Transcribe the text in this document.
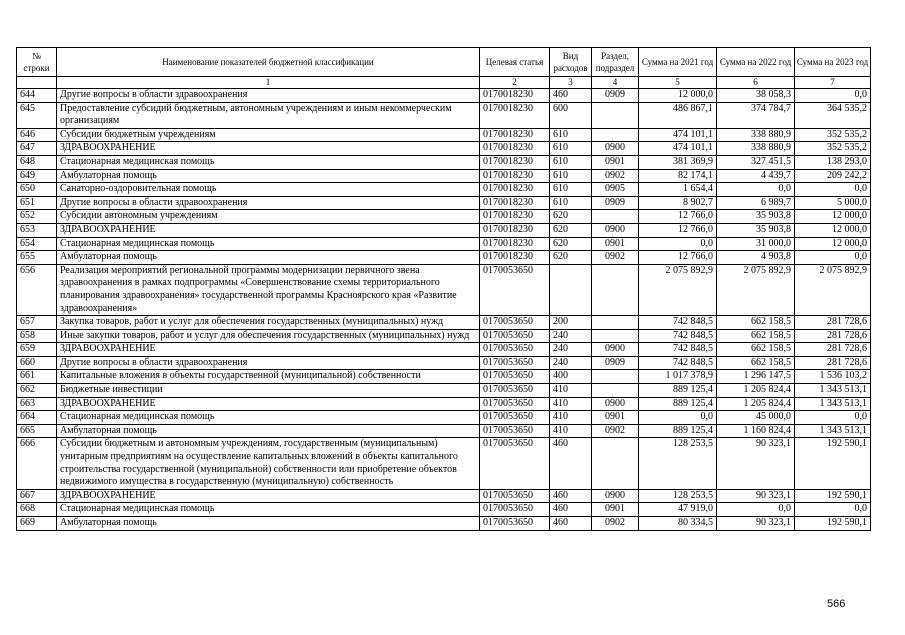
№ строки	Наименование показателей бюджетной классификации	Целевая статья	Вид расходов	Раздел, подраздел	Сумма на 2021 год	Сумма на 2022 год	Сумма на 2023 год
	1	2	3	4	5	6	7
644	Другие вопросы в области здравоохранения	0170018230	460	0909	12 000,0	38 058,3	0,0
645	Предоставление субсидий бюджетным, автономным учреждениям и иным некоммерческим организациям	0170018230	600		486 867,1	374 784,7	364 535,2
646	Субсидии бюджетным учреждениям	0170018230	610		474 101,1	338 880,9	352 535,2
647	ЗДРАВООХРАНЕНИЕ	0170018230	610	0900	474 101,1	338 880,9	352 535,2
648	Стационарная медицинская помощь	0170018230	610	0901	381 369,9	327 451,5	138 293,0
649	Амбулаторная помощь	0170018230	610	0902	82 174,1	4 439,7	209 242,2
650	Санаторно-оздоровительная помощь	0170018230	610	0905	1 654,4	0,0	0,0
651	Другие вопросы в области здравоохранения	0170018230	610	0909	8 902,7	6 989,7	5 000,0
652	Субсидии автономным учреждениям	0170018230	620		12 766,0	35 903,8	12 000,0
653	ЗДРАВООХРАНЕНИЕ	0170018230	620	0900	12 766,0	35 903,8	12 000,0
654	Стационарная медицинская помощь	0170018230	620	0901	0,0	31 000,0	12 000,0
655	Амбулаторная помощь	0170018230	620	0902	12 766,0	4 903,8	0,0
656	Реализация мероприятий региональной программы модернизации первичного звена здравоохранения в рамках подпрограммы «Совершенствование схемы территориального планирования здравоохранения» государственной программы Красноярского края «Развитие здравоохранения»	0170053650			2 075 892,9	2 075 892,9	2 075 892,9
657	Закупка товаров, работ и услуг для обеспечения государственных (муниципальных) нужд	0170053650	200		742 848,5	662 158,5	281 728,6
658	Иные закупки товаров, работ и услуг для обеспечения государственных (муниципальных) нужд	0170053650	240		742 848,5	662 158,5	281 728,6
659	ЗДРАВООХРАНЕНИЕ	0170053650	240	0900	742 848,5	662 158,5	281 728,6
660	Другие вопросы в области здравоохранения	0170053650	240	0909	742 848,5	662 158,5	281 728,6
661	Капитальные вложения в объекты государственной (муниципальной) собственности	0170053650	400		1 017 378,9	1 296 147,5	1 536 103,2
662	Бюджетные инвестиции	0170053650	410		889 125,4	1 205 824,4	1 343 513,1
663	ЗДРАВООХРАНЕНИЕ	0170053650	410	0900	889 125,4	1 205 824,4	1 343 513,1
664	Стационарная медицинская помощь	0170053650	410	0901	0,0	45 000,0	0,0
665	Амбулаторная помощь	0170053650	410	0902	889 125,4	1 160 824,4	1 343 513,1
666	Субсидии бюджетным и автономным учреждениям, государственным (муниципальным) унитарным предприятиям на осуществление капитальных вложений в объекты капитального строительства государственной (муниципальной) собственности или приобретение объектов недвижимого имущества в государственную (муниципальную) собственность	0170053650	460		128 253,5	90 323,1	192 590,1
667	ЗДРАВООХРАНЕНИЕ	0170053650	460	0900	128 253,5	90 323,1	192 590,1
668	Стационарная медицинская помощь	0170053650	460	0901	47 919,0	0,0	0,0
669	Амбулаторная помощь	0170053650	460	0902	80 334,5	90 323,1	192 590,1
566
